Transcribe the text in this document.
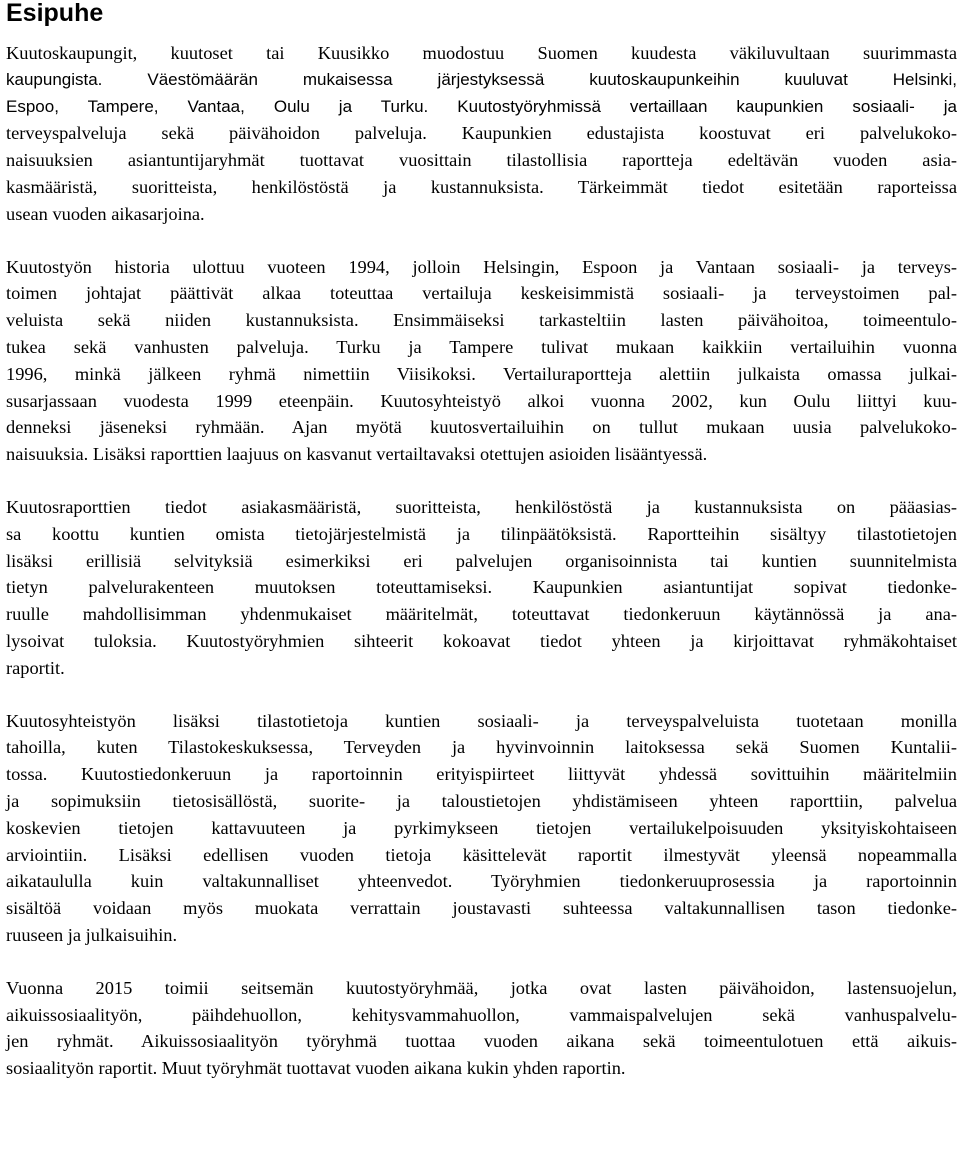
Esipuhe

Kuutoskaupungit, kuutoset tai Kuusikko muodostuu Suomen kuudesta väkiluvultaan suurimmasta
kaupungista. Väestömäärän mukaisessa järjestyksessä kuutoskaupunkeihin kuuluvat Helsinki,
Espoo, Tampere, Vantaa, Oulu ja Turku. Kuutostyöryhmissä vertaillaan kaupunkien sosiaali- ja
terveyspalveluja sekä päivähoidon palveluja. Kaupunkien edustajista koostuvat eri palvelukoko-
naisuuksien asiantuntijaryhmät tuottavat vuosittain tilastollisia raportteja edeltävän vuoden asia-
kasmääristä, suoritteista, henkilöstöstä ja kustannuksista. Tärkeimmät tiedot esitetään raporteissa
usean vuoden aikasarjoina.

Kuutostyön historia ulottuu vuoteen 1994, jolloin Helsingin, Espoon ja Vantaan sosiaali- ja terveys-
toimen johtajat päättivät alkaa toteuttaa vertailuja keskeisimmistä sosiaali- ja terveystoimen pal-
veluista sekä niiden kustannuksista. Ensimmäiseksi tarkasteltiin lasten päivähoitoa, toimeentulo-
tukea sekä vanhusten palveluja. Turku ja Tampere tulivat mukaan kaikkiin vertailuihin vuonna
1996, minkä jälkeen ryhmä nimettiin Viisikoksi. Vertailuraportteja alettiin julkaista omassa julkai-
susarjassaan vuodesta 1999 eteenpäin. Kuutosyhteistyö alkoi vuonna 2002, kun Oulu liittyi kuu-
denneksi jäseneksi ryhmään. Ajan myötä kuutosvertailuihin on tullut mukaan uusia palvelukoko-
naisuuksia. Lisäksi raporttien laajuus on kasvanut vertailtavaksi otettujen asioiden lisääntyessä.

Kuutosraporttien tiedot asiakasmääristä, suoritteista, henkilöstöstä ja kustannuksista on pääasias-
sa koottu kuntien omista tietojärjestelmistä ja tilinpäätöksistä. Raportteihin sisältyy tilastotietojen
lisäksi erillisiä selvityksiä esimerkiksi eri palvelujen organisoinnista tai kuntien suunnitelmista
tietyn palvelurakenteen muutoksen toteuttamiseksi. Kaupunkien asiantuntijat sopivat tiedonke-
ruulle mahdollisimman yhdenmukaiset määritelmät, toteuttavat tiedonkeruun käytännössä ja ana-
lysoivat tuloksia. Kuutostyöryhmien sihteerit kokoavat tiedot yhteen ja kirjoittavat ryhmäkohtaiset
raportit.

Kuutosyhteistyön lisäksi tilastotietoja kuntien sosiaali- ja terveyspalveluista tuotetaan monilla
tahoilla, kuten Tilastokeskuksessa, Terveyden ja hyvinvoinnin laitoksessa sekä Suomen Kuntalii-
tossa. Kuutostiedonkeruun ja raportoinnin erityispiirteet liittyvät yhdessä sovittuihin määritelmiin
ja sopimuksiin tietosisällöstä, suorite- ja taloustietojen yhdistämiseen yhteen raporttiin, palvelua
koskevien tietojen kattavuuteen ja pyrkimykseen tietojen vertailukelpoisuuden yksityiskohtaiseen
arviointiin. Lisäksi edellisen vuoden tietoja käsittelevät raportit ilmestyvät yleensä nopeammalla
aikataululla kuin valtakunnalliset yhteenvedot. Työryhmien tiedonkeruuprosessia ja raportoinnin
sisältöä voidaan myös muokata verrattain joustavasti suhteessa valtakunnallisen tason tiedonke-
ruuseen ja julkaisuihin.

Vuonna 2015 toimii seitsemän kuutostyöryhmää, jotka ovat lasten päivähoidon, lastensuojelun,
aikuissosiaalityön, päihdehuollon, kehitysvammahuollon, vammaispalvelujen sekä vanhuspalvelu-
jen ryhmät. Aikuissosiaalityön työryhmä tuottaa vuoden aikana sekä toimeentulotuen että aikuis-
sosiaalityön raportit. Muut työryhmät tuottavat vuoden aikana kukin yhden raportin.
